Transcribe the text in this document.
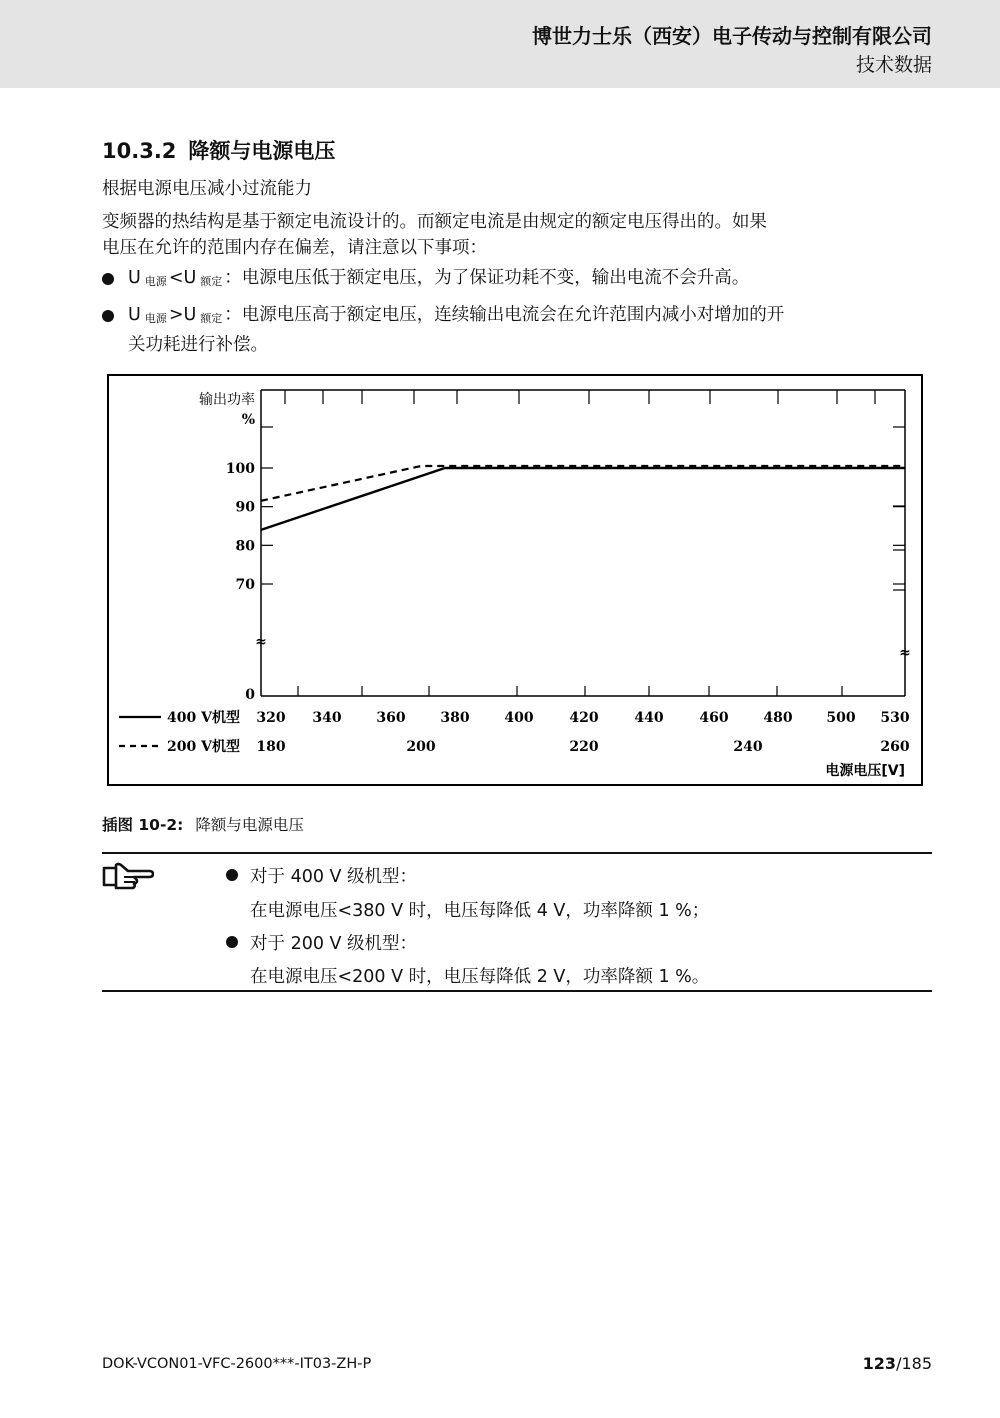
博世力士乐（西安）电子传动与控制有限公司
技术数据
10.3.2 降额与电源电压
根据电源电压减小过流能力
变频器的热结构是基于额定电流设计的。而额定电流是由规定的额定电压得出的。如果
电压在允许的范围内存在偏差，请注意以下事项：
U电源 <U 额定 ：电源电压低于额定电压，为了保证功耗不变，输出电流不会升高。
U电源 >U 额定 ：电源电压高于额定电压，连续输出电流会在允许范围内减小对增加的开
关功耗进行补偿。
输出功率
%
0
70
80
90
100
≈
≈
320 340 360 380 400	420	440	460 480 500 530
180	200	220	240	260
400 V机型
200 V机型
电源电压[V]
插图 10-2: 降额与电源电压
对于 400 V 级机型：
在电源电压<380 V 时，电压每降低 4 V，功率降额 1 %；
对于 200 V 级机型：
在电源电压<200 V 时，电压每降低 2 V，功率降额 1 %。
DOK-VCON01-VFC-2600***-IT03-ZH-P	123/185
